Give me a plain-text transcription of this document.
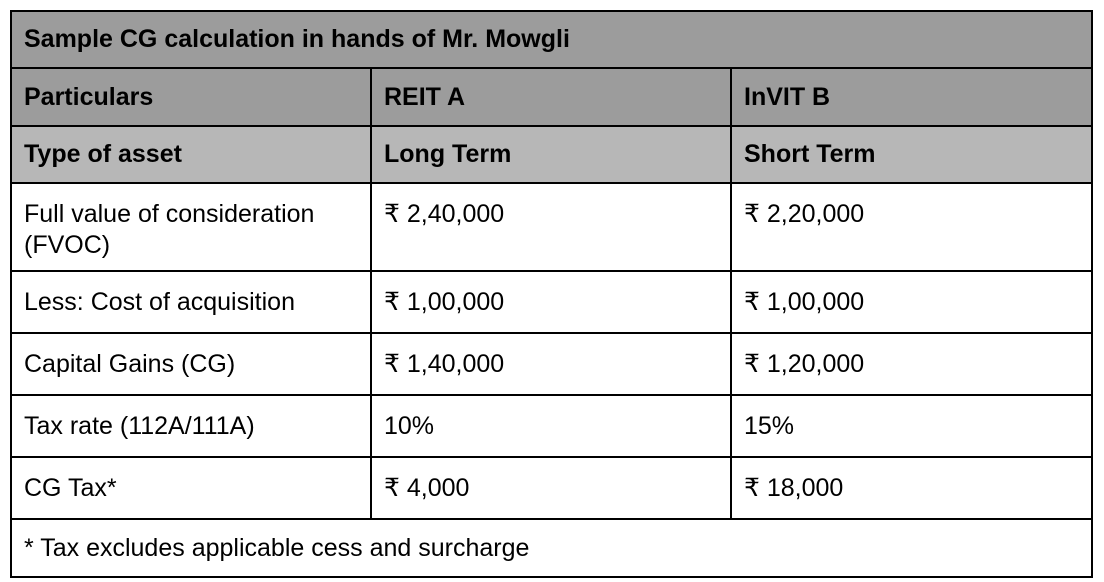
Sample CG calculation in hands of Mr. Mowgli		
Particulars	REIT A	InVIT B
Type of asset	Long Term	Short Term
Full value of consideration (FVOC)	₹ 2,40,000	₹ 2,20,000
Less: Cost of acquisition	₹ 1,00,000	₹ 1,00,000
Capital Gains (CG)	₹ 1,40,000	₹ 1,20,000
Tax rate (112A/111A)	10%	15%
CG Tax*	₹ 4,000	₹ 18,000
* Tax excludes applicable cess and surcharge		
